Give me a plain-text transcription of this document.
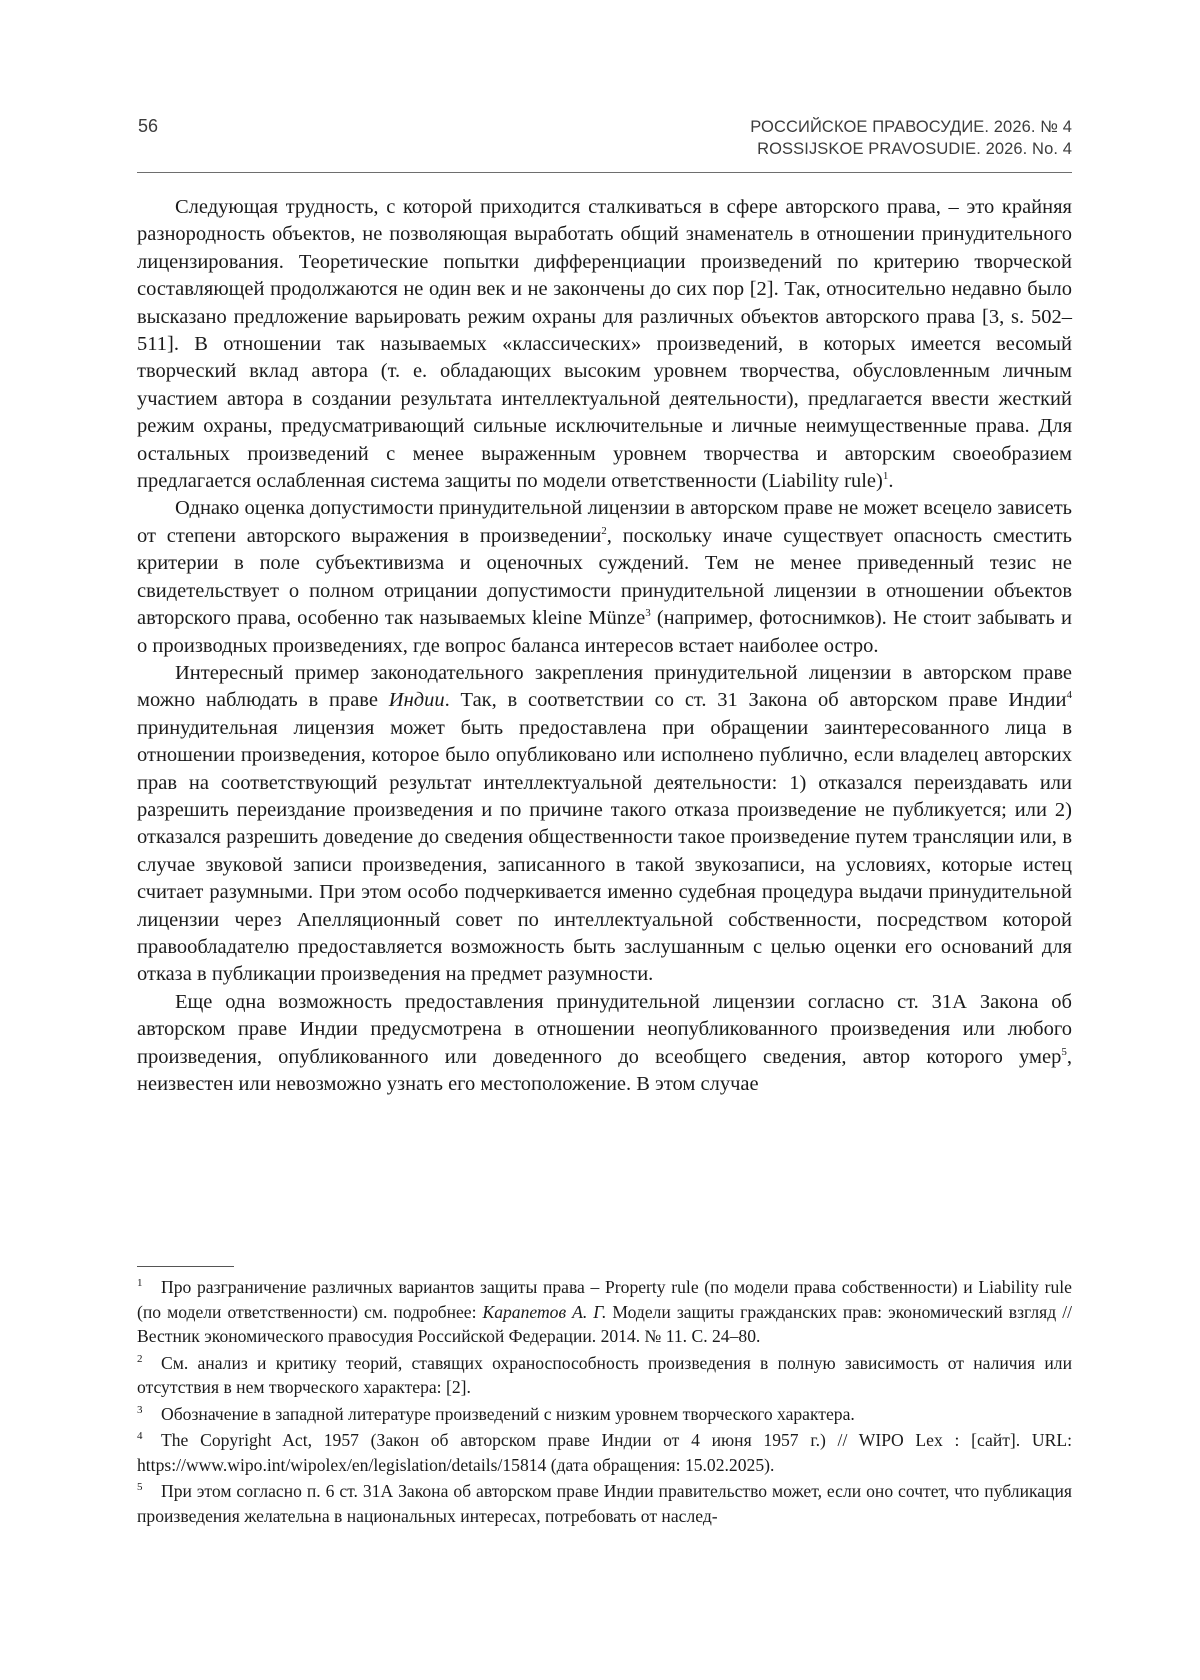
56	РОССИЙСКОЕ ПРАВОСУДИЕ. 2026. № 4
ROSSIJSKOE PRAVOSUDIE. 2026. No. 4

Следующая трудность, с которой приходится сталкиваться в сфере авторского права, – это крайняя разнородность объектов, не позволяющая выработать общий знаменатель в отношении принудительного лицензирования. Теоретические попытки дифференциации произведений по критерию творческой составляющей продолжаются не один век и не закончены до сих пор [2]. Так, относительно недавно было высказано предложение варьировать режим охраны для различных объектов авторского права [3, s. 502–511]. В отношении так называемых «классических» произведений, в которых имеется весомый творческий вклад автора (т. е. обладающих высоким уровнем творчества, обусловленным личным участием автора в создании результата интеллектуальной деятельности), предлагается ввести жесткий режим охраны, предусматривающий сильные исключительные и личные неимущественные права. Для остальных произведений с менее выраженным уровнем творчества и авторским своеобразием предлагается ослабленная система защиты по модели ответственности (Liability rule)$^1$.

Однако оценка допустимости принудительной лицензии в авторском праве не может всецело зависеть от степени авторского выражения в произведении$^2$, поскольку иначе существует опасность сместить критерии в поле субъективизма и оценочных суждений. Тем не менее приведенный тезис не свидетельствует о полном отрицании допустимости принудительной лицензии в отношении объектов авторского права, особенно так называемых kleine Münze$^3$ (например, фотоснимков). Не стоит забывать и о производных произведениях, где вопрос баланса интересов встает наиболее остро.

Интересный пример законодательного закрепления принудительной лицензии в авторском праве можно наблюдать в праве Индии. Так, в соответствии со ст. 31 Закона об авторском праве Индии$^4$ принудительная лицензия может быть предоставлена при обращении заинтересованного лица в отношении произведения, которое было опубликовано или исполнено публично, если владелец авторских прав на соответствующий результат интеллектуальной деятельности: 1) отказался переиздавать или разрешить переиздание произведения и по причине такого отказа произведение не публикуется; или 2) отказался разрешить доведение до сведения общественности такое произведение путем трансляции или, в случае звуковой записи произведения, записанного в такой звукозаписи, на условиях, которые истец считает разумными. При этом особо подчеркивается именно судебная процедура выдачи принудительной лицензии через Апелляционный совет по интеллектуальной собственности, посредством которой правообладателю предоставляется возможность быть заслушанным с целью оценки его оснований для отказа в публикации произведения на предмет разумности.

Еще одна возможность предоставления принудительной лицензии согласно ст. 31А Закона об авторском праве Индии предусмотрена в отношении неопубликованного произведения или любого произведения, опубликованного или доведенного до всеобщего сведения, автор которого умер$^5$, неизвестен или невозможно узнать его местоположение. В этом случае

1 Про разграничение различных вариантов защиты права – Property rule (по модели права собственности) и Liability rule (по модели ответственности) см. подробнее: Карапетов А. Г. Модели защиты гражданских прав: экономический взгляд // Вестник экономического правосудия Российской Федерации. 2014. № 11. С. 24–80.

2 См. анализ и критику теорий, ставящих охраноспособность произведения в полную зависимость от наличия или отсутствия в нем творческого характера: [2].

3 Обозначение в западной литературе произведений с низким уровнем творческого характера.

4 The Copyright Act, 1957 (Закон об авторском праве Индии от 4 июня 1957 г.) // WIPO Lex : [сайт]. URL: https://www.wipo.int/wipolex/en/legislation/details/15814 (дата обращения: 15.02.2025).

5 При этом согласно п. 6 ст. 31А Закона об авторском праве Индии правительство может, если оно сочтет, что публикация произведения желательна в национальных интересах, потребовать от наслед-
